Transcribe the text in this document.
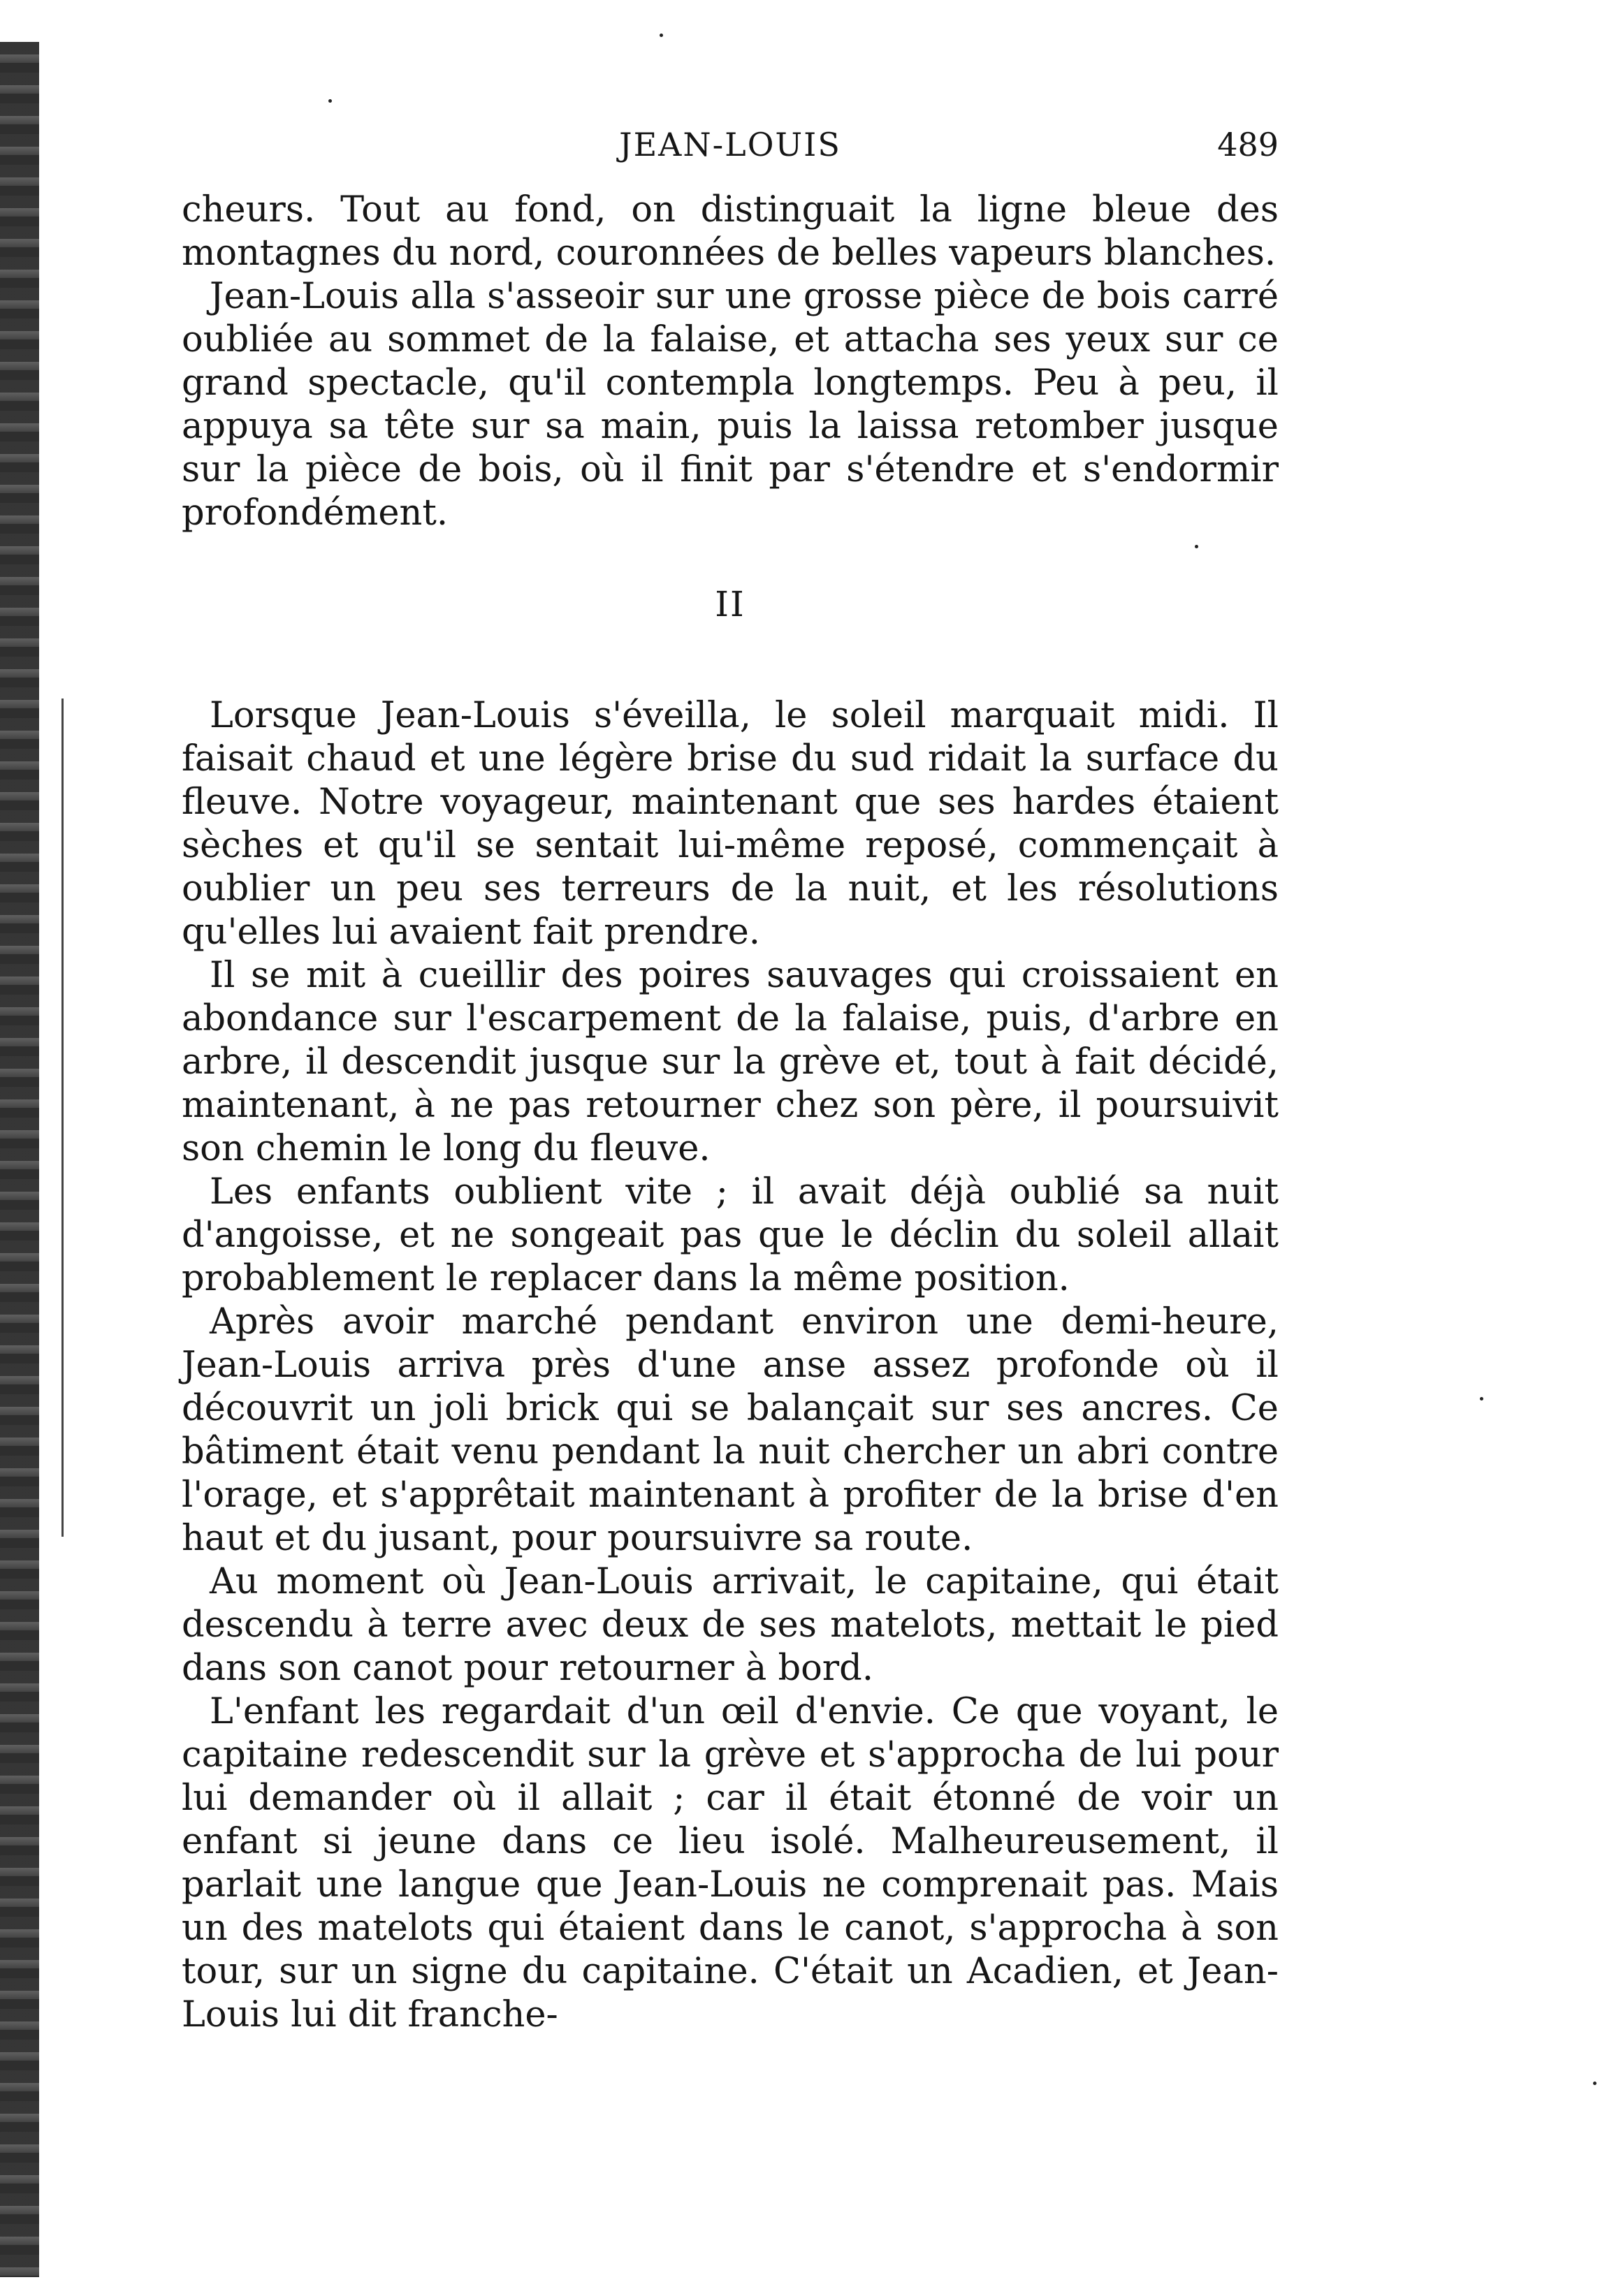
JEAN-LOUIS	489

cheurs. Tout au fond, on distinguait la ligne bleue des montagnes du nord, couronnées de belles vapeurs blanches.

Jean-Louis alla s'asseoir sur une grosse pièce de bois carré oubliée au sommet de la falaise, et attacha ses yeux sur ce grand spectacle, qu'il contempla longtemps. Peu à peu, il appuya sa tête sur sa main, puis la laissa retomber jusque sur la pièce de bois, où il finit par s'étendre et s'endormir profondément.

II

Lorsque Jean-Louis s'éveilla, le soleil marquait midi. Il faisait chaud et une légère brise du sud ridait la surface du fleuve. Notre voyageur, maintenant que ses hardes étaient sèches et qu'il se sentait lui-même reposé, commençait à oublier un peu ses terreurs de la nuit, et les résolutions qu'elles lui avaient fait prendre.

Il se mit à cueillir des poires sauvages qui croissaient en abondance sur l'escarpement de la falaise, puis, d'arbre en arbre, il descendit jusque sur la grève et, tout à fait décidé, maintenant, à ne pas retourner chez son père, il poursuivit son chemin le long du fleuve.

Les enfants oublient vite ; il avait déjà oublié sa nuit d'angoisse, et ne songeait pas que le déclin du soleil allait probablement le replacer dans la même position.

Après avoir marché pendant environ une demi-heure, Jean-Louis arriva près d'une anse assez profonde où il découvrit un joli brick qui se balançait sur ses ancres. Ce bâtiment était venu pendant la nuit chercher un abri contre l'orage, et s'apprêtait maintenant à profiter de la brise d'en haut et du jusant, pour poursuivre sa route.

Au moment où Jean-Louis arrivait, le capitaine, qui était descendu à terre avec deux de ses matelots, mettait le pied dans son canot pour retourner à bord.

L'enfant les regardait d'un œil d'envie. Ce que voyant, le capitaine redescendit sur la grève et s'approcha de lui pour lui demander où il allait ; car il était étonné de voir un enfant si jeune dans ce lieu isolé. Malheureusement, il parlait une langue que Jean-Louis ne comprenait pas. Mais un des matelots qui étaient dans le canot, s'approcha à son tour, sur un signe du capitaine. C'était un Acadien, et Jean-Louis lui dit franche-
